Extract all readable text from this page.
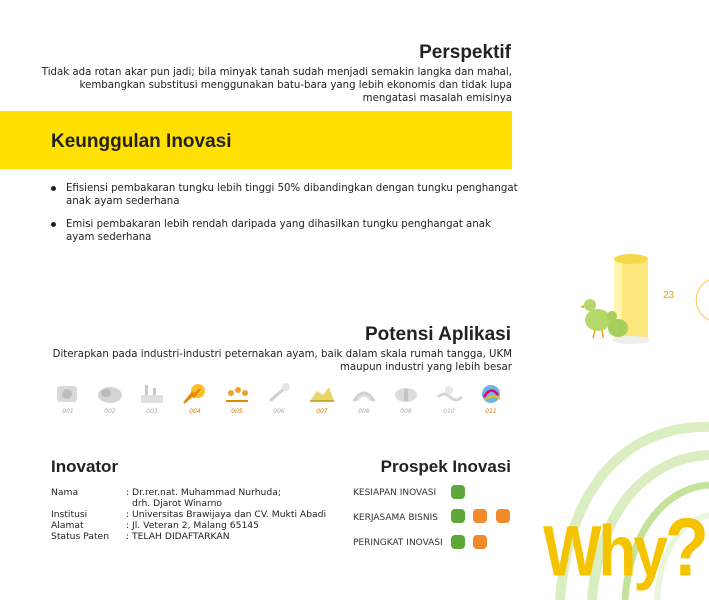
Perspektif
Tidak ada rotan akar pun jadi; bila minyak tanah sudah menjadi semakin langka dan mahal, kembangkan substitusi menggunakan batu-bara yang lebih ekonomis dan tidak lupa mengatasi masalah emisinya
Keunggulan Inovasi
Efisiensi pembakaran tungku lebih tinggi 50% dibandingkan dengan tungku penghangat anak ayam sederhana
Emisi pembakaran lebih rendah daripada yang dihasilkan tungku penghangat anak ayam sederhana
23
Potensi Aplikasi
Diterapkan pada industri-industri peternakan ayam, baik dalam skala rumah tangga, UKM maupun industri yang lebih besar
001	002	003	004	005	006	007	008	009	010	011
Inovator
Nama	: Dr.rer.nat. Muhammad Nurhuda;
drh. Djarot Winarno
Institusi	: Universitas Brawijaya dan CV. Mukti Abadi
Alamat	: Jl. Veteran 2, Malang 65145
Status Paten : TELAH DIDAFTARKAN
Prospek Inovasi
KESIAPAN INOVASI
KERJASAMA BISNIS
PERINGKAT INOVASI Why?
